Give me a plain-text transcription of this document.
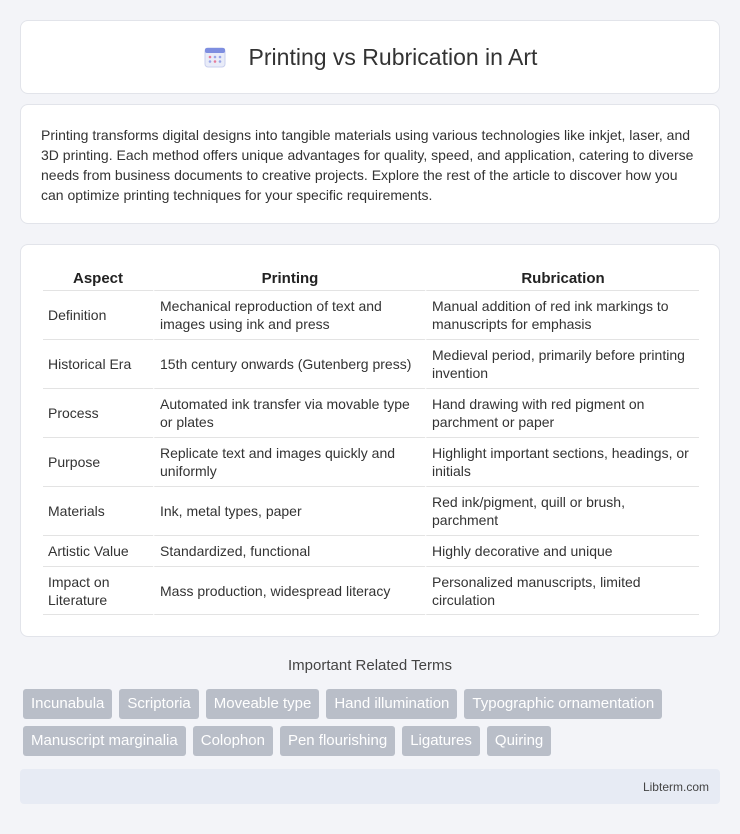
Printing vs Rubrication in Art

Printing transforms digital designs into tangible materials using various technologies like inkjet, laser, and 3D printing. Each method offers unique advantages for quality, speed, and application, catering to diverse needs from business documents to creative projects. Explore the rest of the article to discover how you can optimize printing techniques for your specific requirements.

Aspect	Printing	Rubrication
Definition	Mechanical reproduction of text and images using ink and press	Manual addition of red ink markings to manuscripts for emphasis
Historical Era	15th century onwards (Gutenberg press)	Medieval period, primarily before printing invention
Process	Automated ink transfer via movable type or plates	Hand drawing with red pigment on parchment or paper
Purpose	Replicate text and images quickly and uniformly	Highlight important sections, headings, or initials
Materials	Ink, metal types, paper	Red ink/pigment, quill or brush, parchment
Artistic Value	Standardized, functional	Highly decorative and unique
Impact on Literature	Mass production, widespread literacy	Personalized manuscripts, limited circulation
Important Related Terms
Incunabula	Scriptoria	Moveable type	Hand illumination	Typographic ornamentation
Manuscript marginalia	Colophon	Pen flourishing	Ligatures	Quiring
Libterm.com
